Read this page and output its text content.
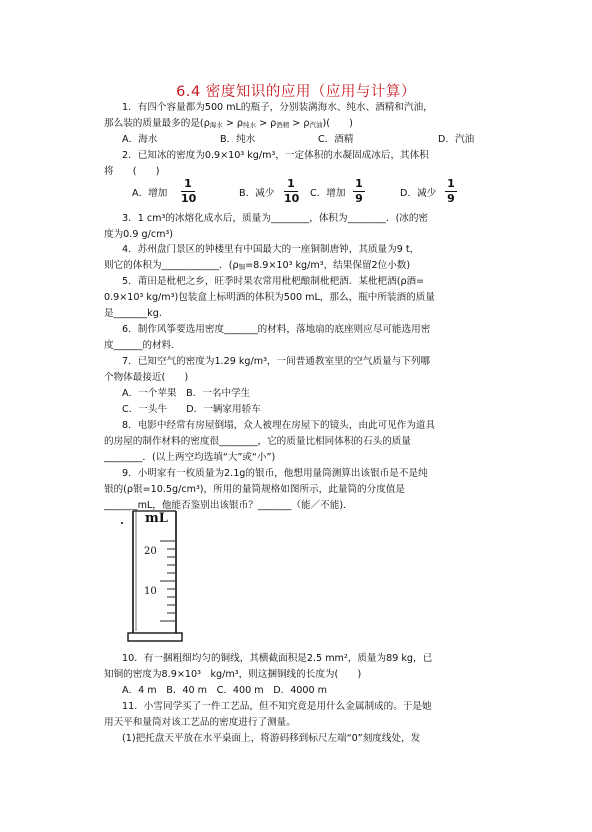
6.4 密度知识的应用（应用与计算）
1．有四个容量都为500 mL的瓶子，分别装满海水、纯水、酒精和汽油，
那么装的质量最多的是(ρ海水 > ρ纯水 > ρ酒精 > ρ汽油)(　　)
A．海水	B．纯水	C．酒精	D．汽油
2．已知冰的密度为0.9×10³ kg/m³，一定体积的水凝固成冰后，其体积
将　　(　　)
A．增加
1
10	B．减少
1
10 C．增加
1
9	D．减少
1
9
3．1 cm³的冰熔化成水后，质量为________，体积为________．(冰的密
度为0.9 g/cm³)
4．苏州盘门景区的钟楼里有中国最大的一座铜制唐钟，其质量为9 t，
则它的体积为____________．(ρ铜=8.9×10³ kg/m³，结果保留2位小数)
5．莆田是枇杷之乡，旺季时果农常用枇杷酿制枇杷酒．某枇杷酒(ρ酒=
0.9×10³ kg/m³)包装盒上标明酒的体积为500 mL，那么，瓶中所装酒的质量
是_______kg.
6．制作风筝要选用密度_______的材料，落地扇的底座则应尽可能选用密
度______的材料．
7．已知空气的密度为1.29 kg/m³，一间普通教室里的空气质量与下列哪
个物体最接近(　　)
A．一个苹果　B．一名中学生
C．一头牛　　D．一辆家用轿车
8．电影中经常有房屋倒塌，众人被埋在房屋下的镜头，由此可见作为道具
的房屋的制作材料的密度很________，它的质量比相同体积的石头的质量
________．(以上两空均选填“大”或“小”)
9．小明家有一枚质量为2.1g的银币，他想用量筒测算出该银币是不是纯
银的(ρ银=10.5g/cm³)，所用的量筒规格如图所示，此量筒的分度值是
_______mL，他能否鉴别出该银币？_______（能／不能)．
mL
20
10
10．有一捆粗细均匀的铜线，其横截面积是2.5 mm²，质量为89 kg，已
知铜的密度为8.9×10³　kg/m³，则这捆铜线的长度为(　　)
A．4 m　B．40 m　C．400 m　D．4000 m
11．小雪同学买了一件工艺品，但不知究竟是用什么金属制成的。于是她
用天平和量筒对该工艺品的密度进行了测量。
(1)把托盘天平放在水平桌面上，将游码移到标尺左端“0”刻度线处，发
